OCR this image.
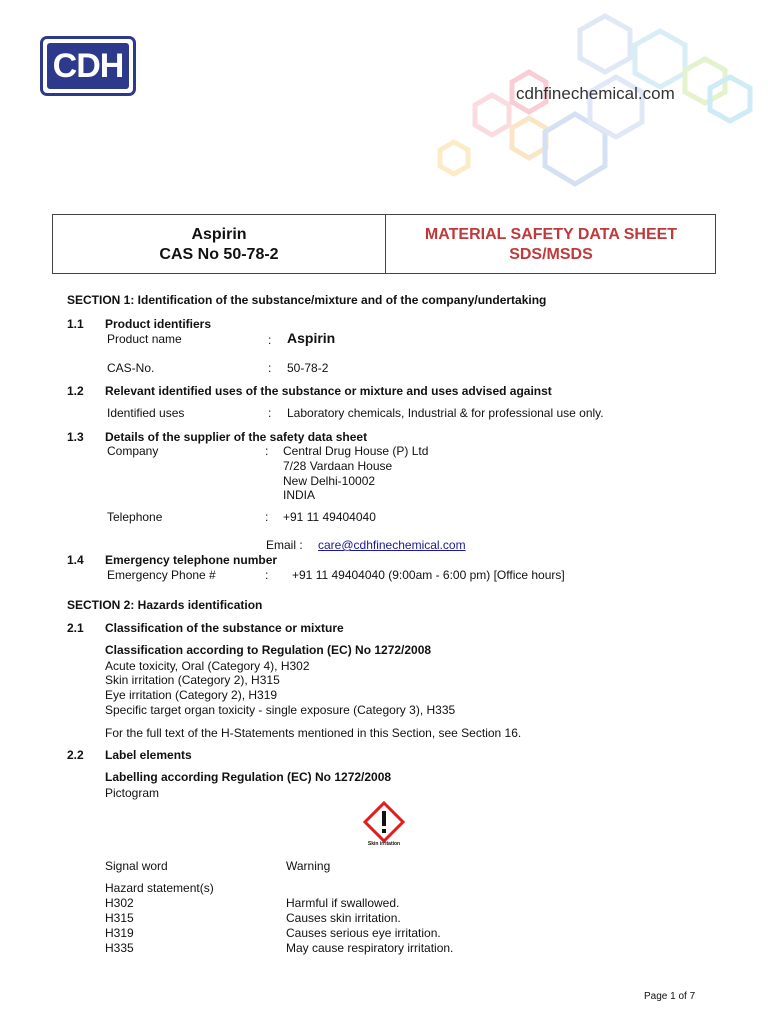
CDH
cdhfinechemical.com
Aspirin
CAS No 50-78-2
MATERIAL SAFETY DATA SHEET
SDS/MSDS
SECTION 1: Identification of the substance/mixture and of the company/undertaking
1.1 Product identifiers
Product name	: Aspirin
CAS-No.	: 50-78-2
1.2 Relevant identified uses of the substance or mixture and uses advised against
Identified uses	: Laboratory chemicals, Industrial & for professional use only.
1.3 Details of the supplier of the safety data sheet
Company	: Central Drug House (P) Ltd
7/28 Vardaan House
New Delhi-10002
INDIA
Telephone	: +91 11 49404040
Email : care@cdhfinechemical.com
1.4 Emergency telephone number
Emergency Phone #	: +91 11 49404040 (9:00am - 6:00 pm) [Office hours]
SECTION 2: Hazards identification
2.1 Classification of the substance or mixture
Classification according to Regulation (EC) No 1272/2008
Acute toxicity, Oral (Category 4), H302
Skin irritation (Category 2), H315
Eye irritation (Category 2), H319
Specific target organ toxicity - single exposure (Category 3), H335
For the full text of the H-Statements mentioned in this Section, see Section 16.
2.2 Label elements
Labelling according Regulation (EC) No 1272/2008
Pictogram
Skin irritation
Signal word	Warning
Hazard statement(s)
H302	Harmful if swallowed.
H315	Causes skin irritation.
H319	Causes serious eye irritation.
H335	May cause respiratory irritation.
Page 1 of 7
